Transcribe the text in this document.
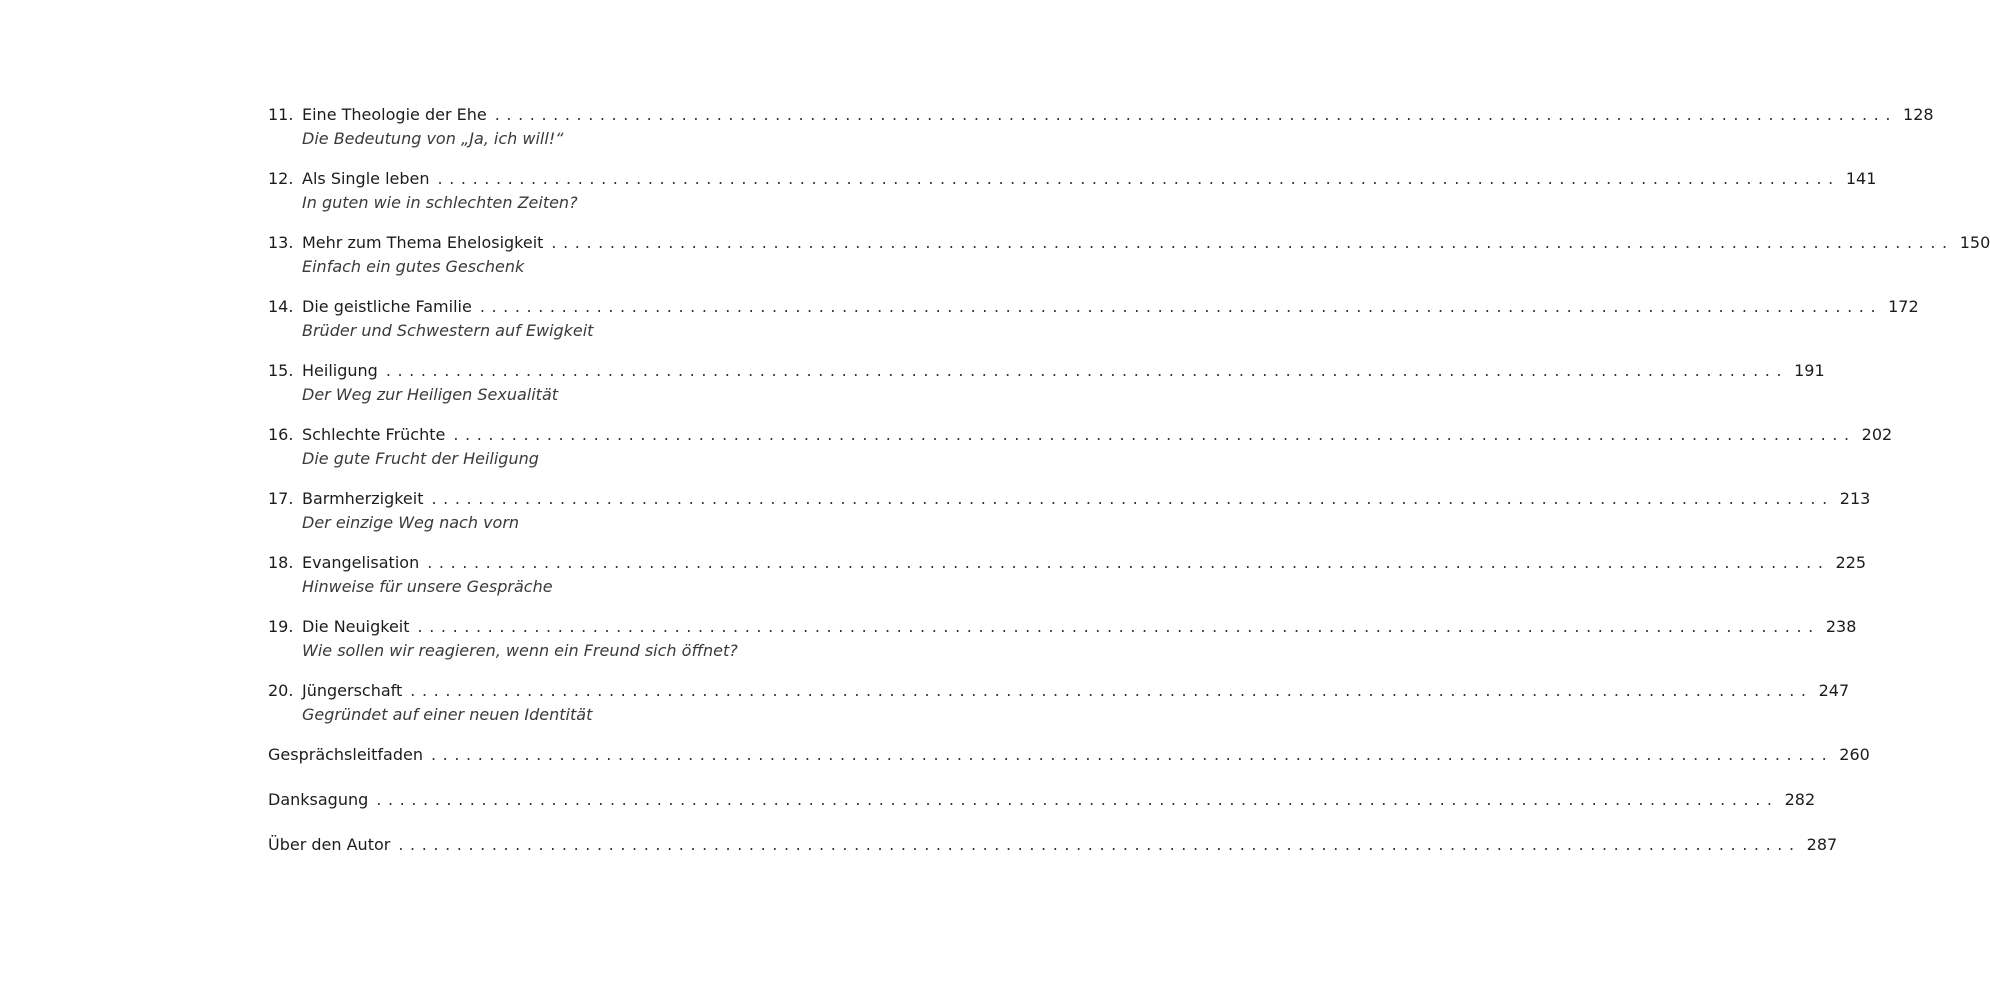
11. Eine Theologie der Ehe ........................................................................................................................ 128
Die Bedeutung von „Ja, ich will!“
12. Als Single leben ........................................................................................................................ 141
In guten wie in schlechten Zeiten?
13. Mehr zum Thema Ehelosigkeit ........................................................................................................................ 150
Einfach ein gutes Geschenk
14. Die geistliche Familie ........................................................................................................................ 172
Brüder und Schwestern auf Ewigkeit
15. Heiligung ........................................................................................................................ 191
Der Weg zur Heiligen Sexualität
16. Schlechte Früchte ........................................................................................................................ 202
Die gute Frucht der Heiligung
17. Barmherzigkeit ........................................................................................................................ 213
Der einzige Weg nach vorn
18. Evangelisation ........................................................................................................................ 225
Hinweise für unsere Gespräche
19. Die Neuigkeit ........................................................................................................................ 238
Wie sollen wir reagieren, wenn ein Freund sich öffnet?
20. Jüngerschaft ........................................................................................................................ 247
Gegründet auf einer neuen Identität
Gesprächsleitfaden ........................................................................................................................ 260
Danksagung ........................................................................................................................ 282
Über den Autor ........................................................................................................................ 287
